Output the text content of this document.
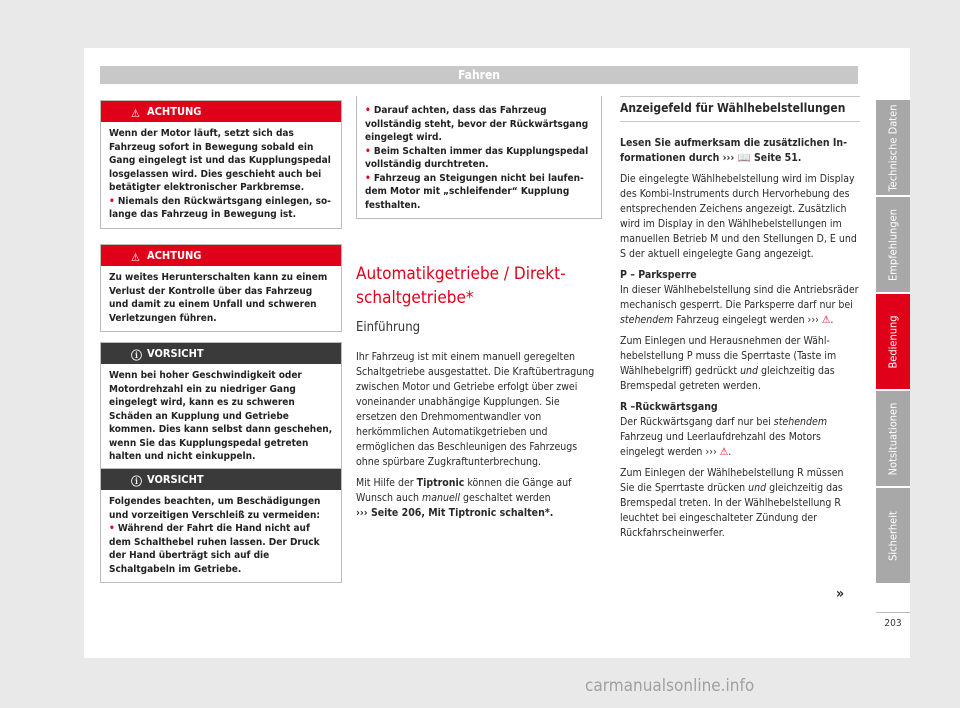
Fahren
⚠ ACHTUNG

Wenn der Motor läuft, setzt sich das Fahrzeug sofort in Bewegung sobald ein Gang eingelegt ist und das Kupplungspedal losgelassen wird. Dies geschieht auch bei betätigter elektronischer Parkbremse.

• Niemals den Rückwärtsgang einlegen, solange das Fahrzeug in Bewegung ist.

⚠ ACHTUNG

Zu weites Herunterschalten kann zu einem Verlust der Kontrolle über das Fahrzeug und damit zu einem Unfall und schweren Verletzungen führen.

ⓘ VORSICHT

Wenn bei hoher Geschwindigkeit oder Motordrehzahl ein zu niedriger Gang eingelegt wird, kann es zu schweren Schäden an Kupplung und Getriebe kommen. Dies kann selbst dann geschehen, wenn Sie das Kupplungspedal getreten halten und nicht einkuppeln.

ⓘ VORSICHT

Folgendes beachten, um Beschädigungen und vorzeitigen Verschleiß zu vermeiden:

• Während der Fahrt die Hand nicht auf dem Schalthebel ruhen lassen. Der Druck der Hand überträgt sich auf die Schaltgabeln im Getriebe.

• Darauf achten, dass das Fahrzeug vollständig steht, bevor der Rückwärtsgang eingelegt wird.

• Beim Schalten immer das Kupplungspedal vollständig durchtreten.

• Fahrzeug an Steigungen nicht bei laufendem Motor mit „schleifender“ Kupplung festhalten.

Automatikgetriebe / Direktschaltgetriebe*
Einführung

Ihr Fahrzeug ist mit einem manuell geregelten Schaltgetriebe ausgestattet. Die Kraftübertragung zwischen Motor und Getriebe erfolgt über zwei voneinander unabhängige Kupplungen. Sie ersetzen den Drehmomentwandler von herkömmlichen Automatikgetrieben und ermöglichen das Beschleunigen des Fahrzeugs ohne spürbare Zugkraftunterbrechung.

Mit Hilfe der Tiptronic können die Gänge auf Wunsch auch manuell geschaltet werden
››› Seite 206, Mit Tiptronic schalten*.

Anzeigefeld für Wählhebelstellungen

Lesen Sie aufmerksam die zusätzlichen Informationen durch ››› 📖 Seite 51.

Die eingelegte Wählhebelstellung wird im Display des Kombi-Instruments durch Hervorhebung des entsprechenden Zeichens angezeigt. Zusätzlich wird im Display in den Wählhebelstellungen im manuellen Betrieb M und den Stellungen D, E und S der aktuell eingelegte Gang angezeigt.

P – Parksperre

In dieser Wählhebelstellung sind die Antriebsräder mechanisch gesperrt. Die Parksperre darf nur bei stehendem Fahrzeug eingelegt werden ››› ⚠.

Zum Einlegen und Herausnehmen der Wählhebelstellung P muss die Sperrtaste (Taste im Wählhebelgriff) gedrückt und gleichzeitig das Bremspedal getreten werden.

R –Rückwärtsgang

Der Rückwärtsgang darf nur bei stehendem Fahrzeug und Leerlaufdrehzahl des Motors eingelegt werden ››› ⚠.

Zum Einlegen der Wählhebelstellung R müssen Sie die Sperrtaste drücken und gleichzeitig das Bremspedal treten. In der Wählhebelstellung R leuchtet bei eingeschalteter Zündung der Rückfahrscheinwerfer.

»
Technische Daten
Empfehlungen
Bedienung
Notsituationen
Sicherheit
203
carmanualsonline.info
